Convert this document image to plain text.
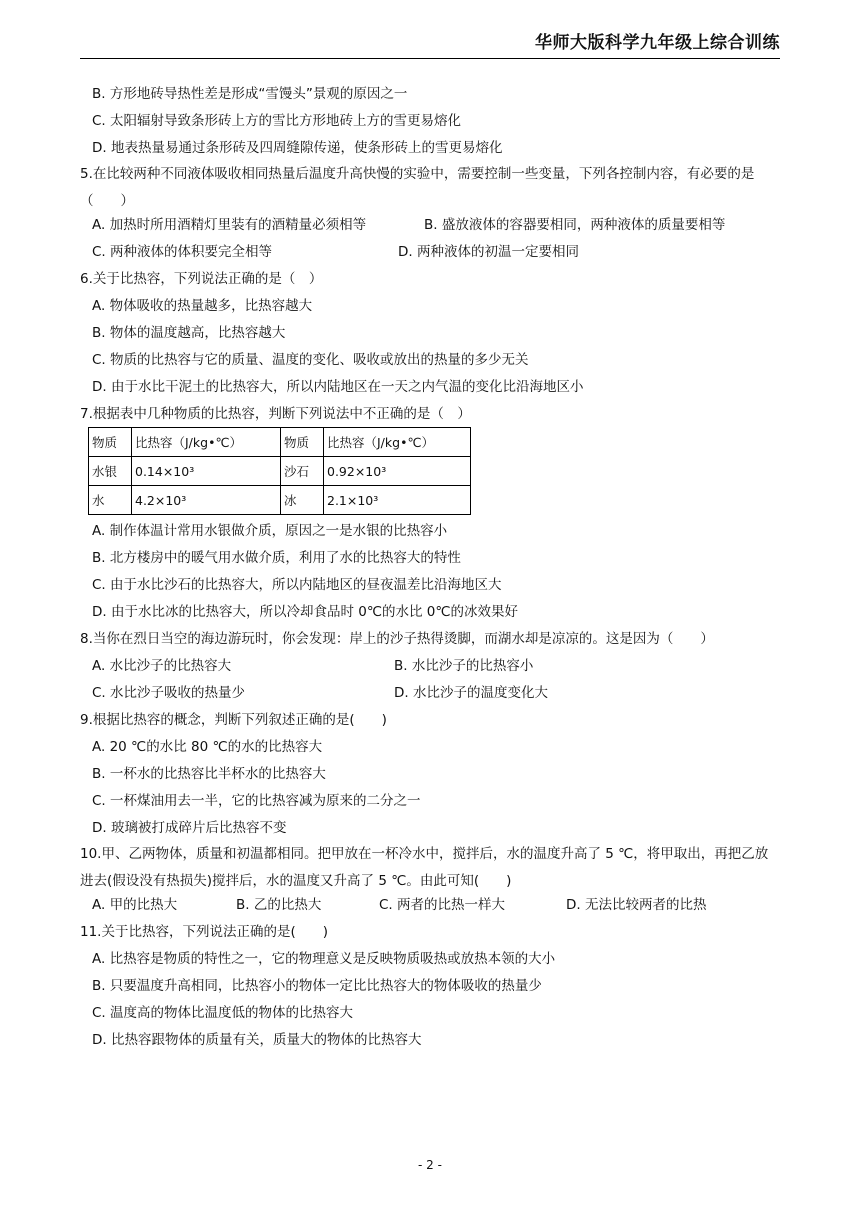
华师大版科学九年级上综合训练
B. 方形地砖导热性差是形成“雪馒头”景观的原因之一
C. 太阳辐射导致条形砖上方的雪比方形地砖上方的雪更易熔化
D. 地表热量易通过条形砖及四周缝隙传递，使条形砖上的雪更易熔化
5.在比较两种不同液体吸收相同热量后温度升高快慢的实验中，需要控制一些变量，下列各控制内容，有必要的是（　　）
A. 加热时所用酒精灯里装有的酒精量必须相等	B. 盛放液体的容器要相同，两种液体的质量要相等
C. 两种液体的体积要完全相等	D. 两种液体的初温一定要相同
6.关于比热容，下列说法正确的是（　）
A. 物体吸收的热量越多，比热容越大
B. 物体的温度越高，比热容越大
C. 物质的比热容与它的质量、温度的变化、吸收或放出的热量的多少无关
D. 由于水比干泥土的比热容大，所以内陆地区在一天之内气温的变化比沿海地区小
7.根据表中几种物质的比热容，判断下列说法中不正确的是（　）
物质	比热容（J/kg•℃）	物质	比热容（J/kg•℃）
水银	0.14×10³	沙石	0.92×10³
水	4.2×10³	冰	2.1×10³
A. 制作体温计常用水银做介质，原因之一是水银的比热容小
B. 北方楼房中的暖气用水做介质，利用了水的比热容大的特性
C. 由于水比沙石的比热容大，所以内陆地区的昼夜温差比沿海地区大
D. 由于水比冰的比热容大，所以冷却食品时 0℃的水比 0℃的冰效果好
8.当你在烈日当空的海边游玩时，你会发现：岸上的沙子热得烫脚，而湖水却是凉凉的。这是因为（　　）
A. 水比沙子的比热容大	B. 水比沙子的比热容小
C. 水比沙子吸收的热量少	D. 水比沙子的温度变化大
9.根据比热容的概念，判断下列叙述正确的是(　　)
A. 20 ℃的水比 80 ℃的水的比热容大
B. 一杯水的比热容比半杯水的比热容大
C. 一杯煤油用去一半，它的比热容减为原来的二分之一
D. 玻璃被打成碎片后比热容不变
10.甲、乙两物体，质量和初温都相同。把甲放在一杯冷水中，搅拌后，水的温度升高了 5 ℃，将甲取出，再把乙放进去(假设没有热损失)搅拌后，水的温度又升高了 5 ℃。由此可知(　　)
A. 甲的比热大	B. 乙的比热大	C. 两者的比热一样大	D. 无法比较两者的比热
11.关于比热容，下列说法正确的是(　　)
A. 比热容是物质的特性之一，它的物理意义是反映物质吸热或放热本领的大小
B. 只要温度升高相同，比热容小的物体一定比比热容大的物体吸收的热量少
C. 温度高的物体比温度低的物体的比热容大
D. 比热容跟物体的质量有关，质量大的物体的比热容大
- 2 -
